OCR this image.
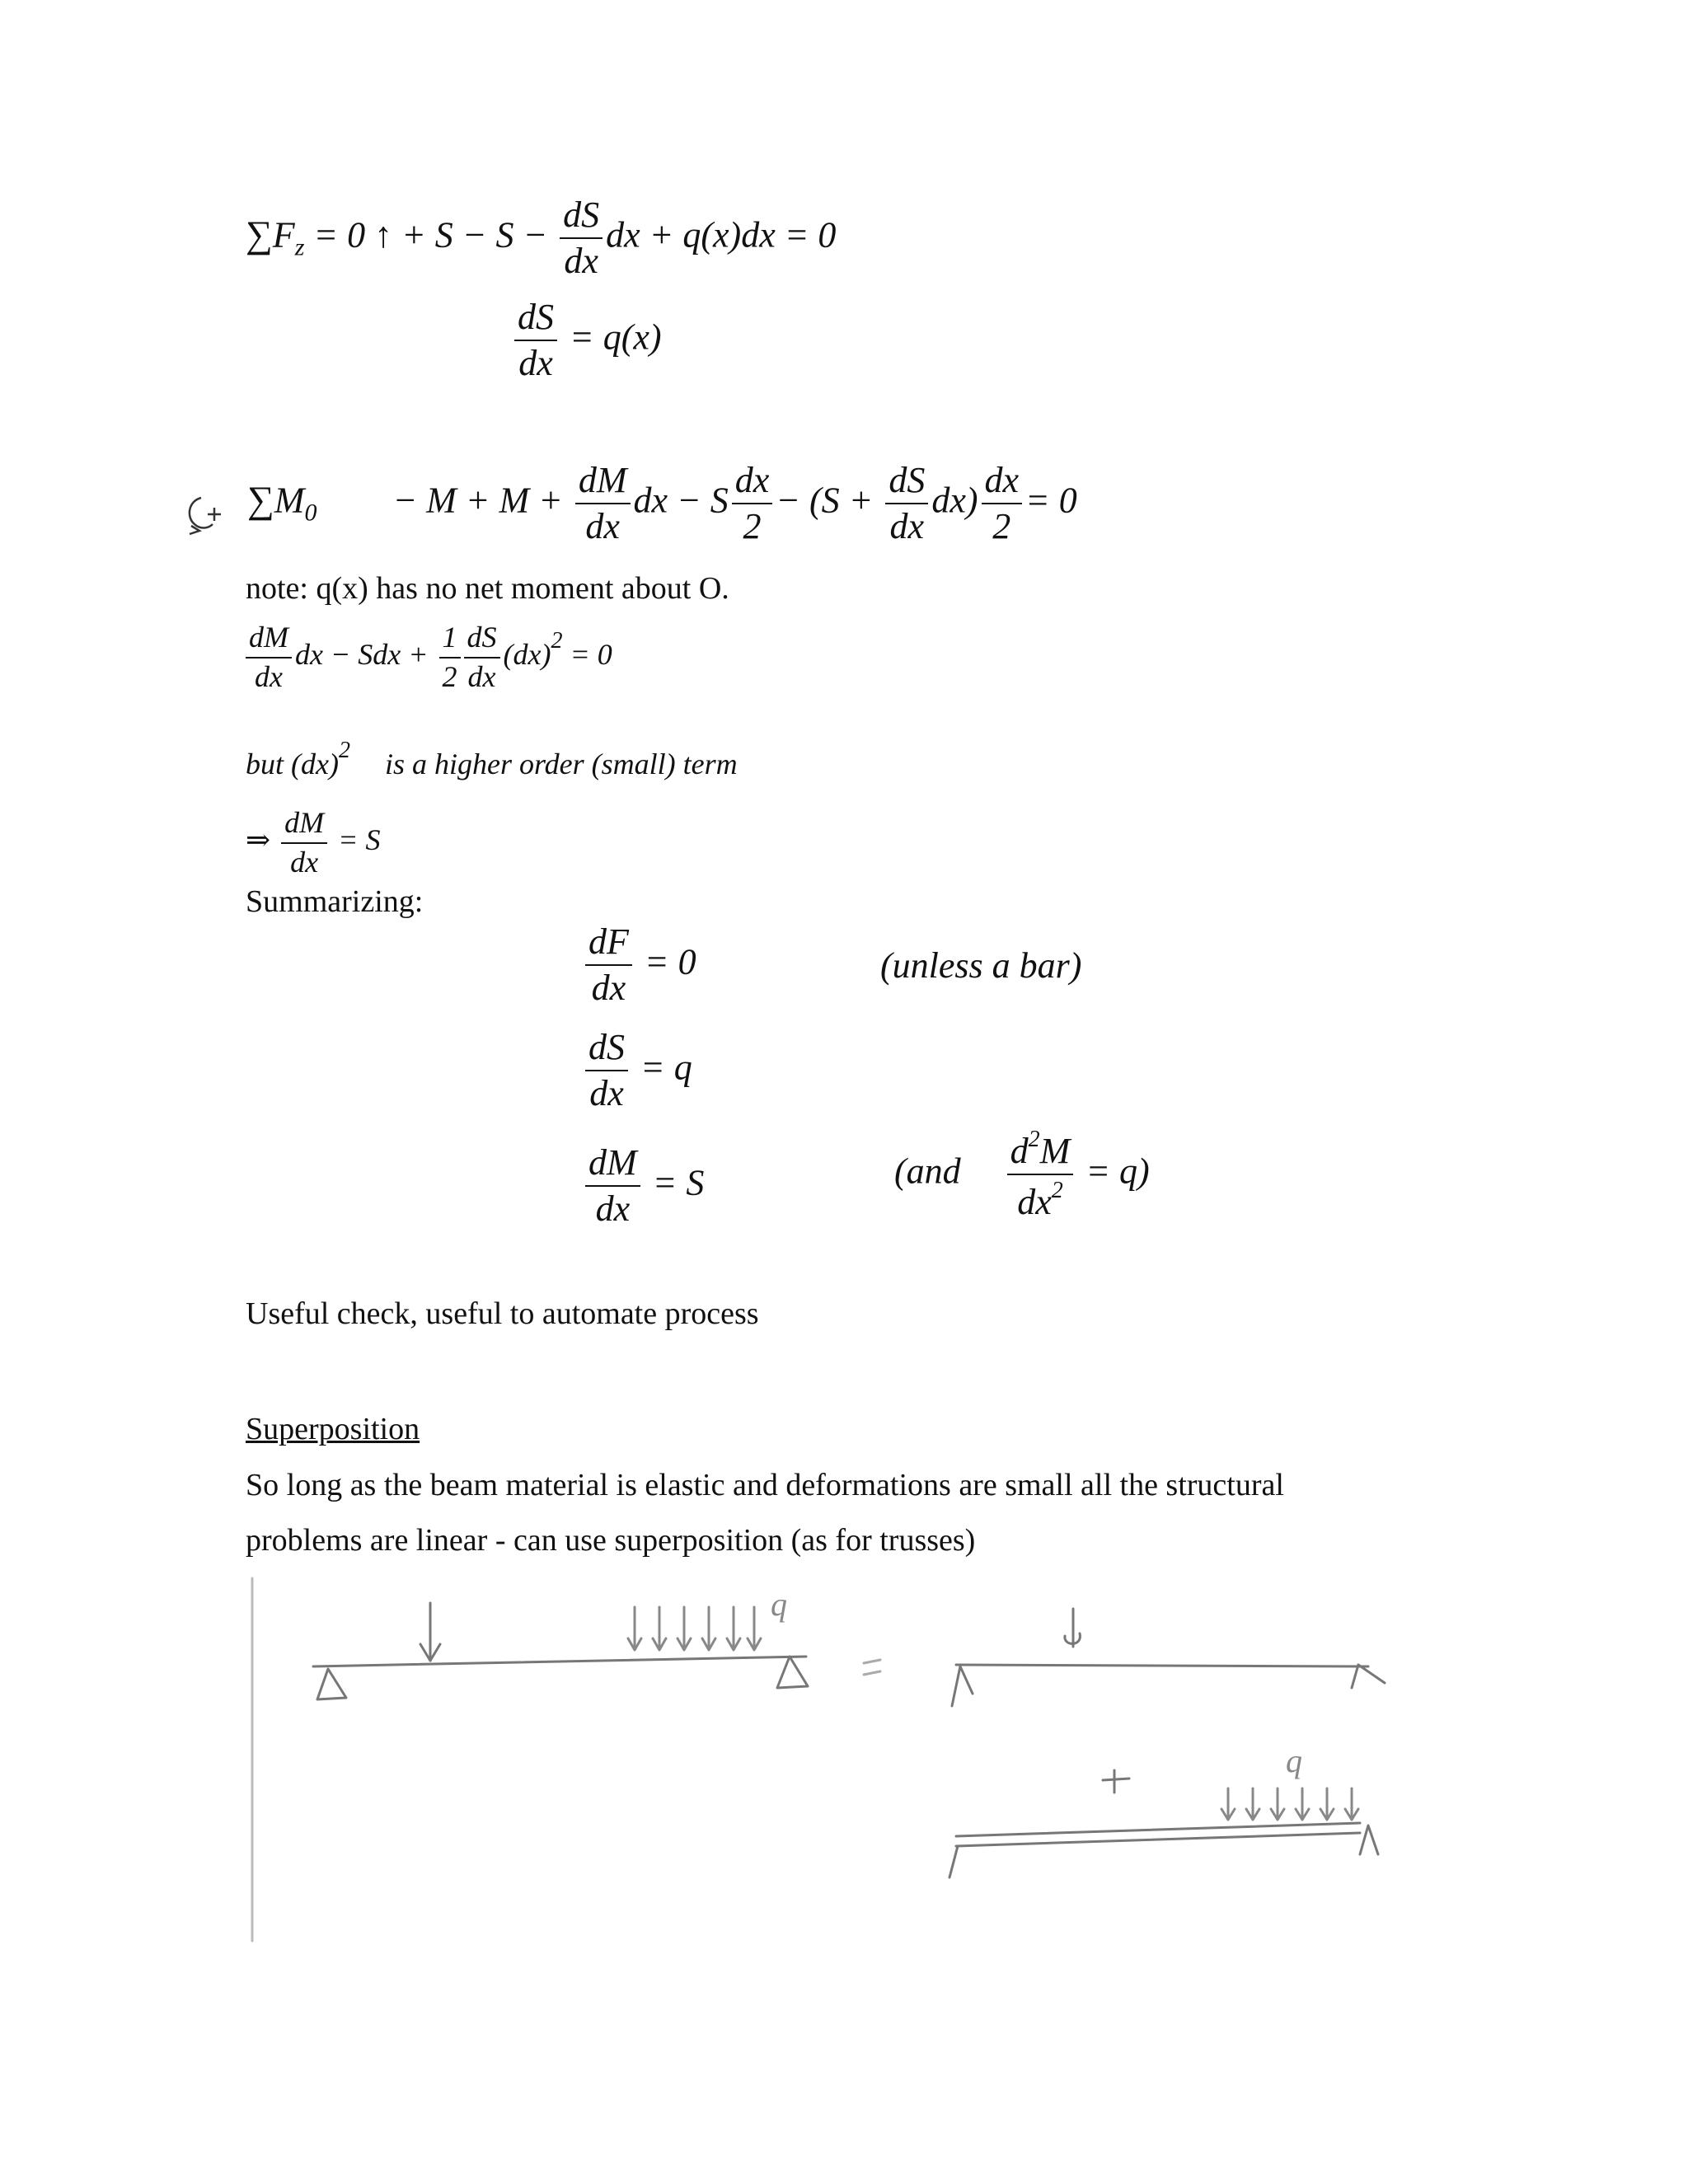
$\sum F_z = 0$ ↑ + $S - S - \frac{dS}{dx}$ dx + q(x)dx = 0
$\frac{dS}{dx} = q(x)$
$\sum M_0 - M + M + \frac{dM}{dx}$ dx − S $\frac{dx}{2} - (S + \frac{dS}{dx} dx) \frac{dx}{2} = 0$
note: q(x) has no net moment about O.
$\frac{dM}{dx}$ dx − Sdx + $\frac{1}{2} \frac{dS}{dx} (dx)^2 = 0$
but (dx)$^2$ is a higher order (small) term
⇒ $\frac{dM}{dx} = S$
Summarizing:
$\frac{dF}{dx} = 0$	(unless a bar)
$\frac{dS}{dx} = q$
$\frac{dM}{dx} = S$	$(and \frac{d^2M}{dx^2} = q)$
Useful check, useful to automate process
Superposition
So long as the beam material is elastic and deformations are small all the structural
problems are linear - can use superposition (as for trusses)
q
q
